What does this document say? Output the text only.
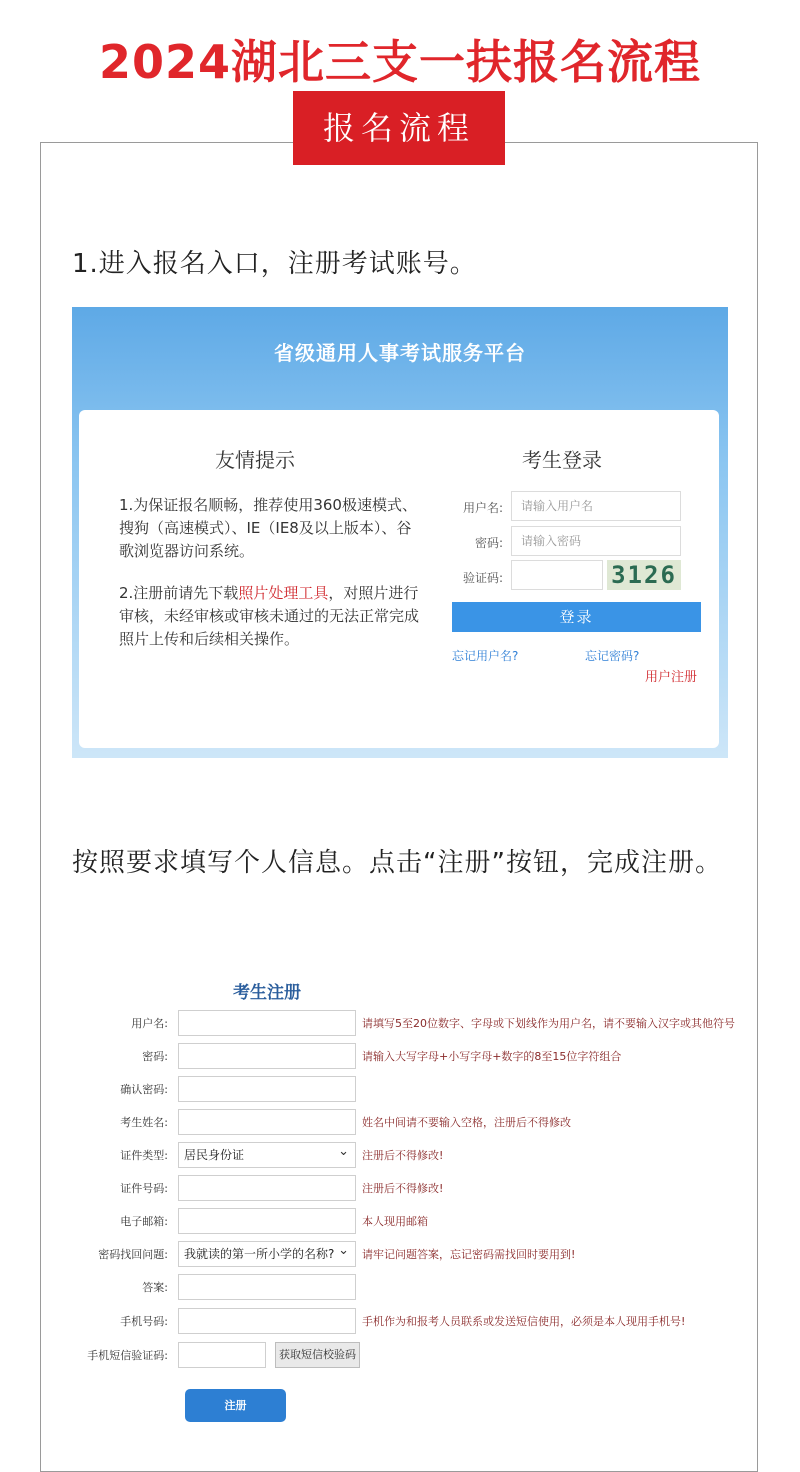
2024湖北三支一扶报名流程
报名流程
1.进入报名入口，注册考试账号。
省级通用人事考试服务平台
友情提示
1.为保证报名顺畅，推荐使用360极速模式、搜狗（高速模式）、IE（IE8及以上版本）、谷歌浏览器访问系统。
2.注册前请先下载照片处理工具，对照片进行审核，未经审核或审核未通过的无法正常完成照片上传和后续相关操作。
考生登录
用户名:	请输入用户名
密码:	请输入密码
验证码:	3126
登录
忘记用户名?	忘记密码?
用户注册
按照要求填写个人信息。点击“注册”按钮，完成注册。
考生注册
用户名:	请填写5至20位数字、字母或下划线作为用户名，请不要输入汉字或其他符号
密码:	请输入大写字母+小写字母+数字的8至15位字符组合
确认密码:
考生姓名:	姓名中间请不要输入空格，注册后不得修改
证件类型:	居民身份证 ⌄	注册后不得修改!
证件号码:	注册后不得修改!
电子邮箱:	本人现用邮箱
密码找回问题:	我就读的第一所小学的名称? ⌄	请牢记问题答案，忘记密码需找回时要用到!
答案:
手机号码:	手机作为和报考人员联系或发送短信使用，必须是本人现用手机号!
手机短信验证码:	获取短信校验码
注册
